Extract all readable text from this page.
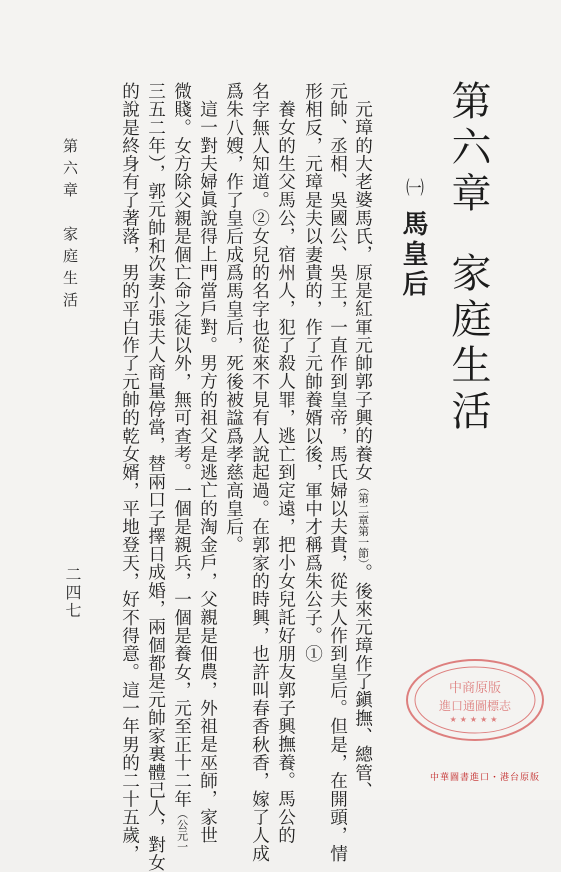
第六章家庭生活
㈠馬皇后
元璋的大老婆馬氏，原是紅軍元帥郭子興的養女（第二章第一節）。後來元璋作了鎭撫、總管、
元帥、丞相、吳國公、吳王，一直作到皇帝，馬氏婦以夫貴，從夫人作到皇后。但是，在開頭，情
形相反，元璋是夫以妻貴的，作了元帥養婿以後，軍中才稱爲朱公子。①
養女的生父馬公，宿州人，犯了殺人罪，逃亡到定遠，把小女兒託好朋友郭子興撫養。馬公的
名字無人知道。②女兒的名字也從來不見有人說起過。在郭家的時興，也許叫春香秋香，嫁了人成
爲朱八嫂，作了皇后成爲馬皇后，死後被諡爲孝慈高皇后。
這一對夫婦眞說得上門當戶對。男方的祖父是逃亡的淘金戶，父親是佃農，外祖是巫師，家世
微賤。女方除父親是個亡命之徒以外，無可查考。一個是親兵，一個是養女，元至正十二年（公元一
三五二年），郭元帥和次妻小張夫人商量停當，替兩口子擇日成婚，兩個都是元帥家裏體己人，對女
的說是終身有了著落，男的平白作了元帥的乾女婿，平地登天，好不得意。這一年男的二十五歲，
第六章　家庭生活
二四七
中商原版
進口通圖標志
★★★★★
中華圖書進口・港台原版
